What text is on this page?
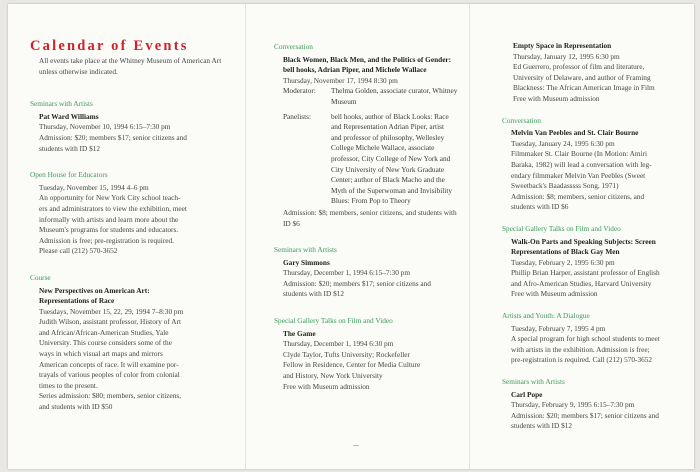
Calendar of Events
All events take place at the Whitney Museum of American Art unless otherwise indicated.
Seminars with Artists
Pat Ward Williams

Thursday, November 10, 1994 6:15–7:30 pm

Admission: $20; members $17; senior citizens and

students with ID $12

Open House for Educators

Tuesday, November 15, 1994 4–6 pm

An opportunity for New York City school teach-

ers and administrators to view the exhibition, meet

informally with artists and learn more about the

Museum's programs for students and educators.

Admission is free; pre-registration is required.

Please call (212) 570-3652

Course
New Perspectives on American Art: Representations of Race

Tuesdays, November 15, 22, 29, 1994 7–8:30 pm

Judith Wilson, assistant professor, History of Art

and African/African-American Studies, Yale

University. This course considers some of the

ways in which visual art maps and mirrors

American concepts of race. It will examine por-

trayals of various peoples of color from colonial

times to the present.

Series admission: $80; members, senior citizens,

and students with ID $50

Conversation
Black Women, Black Men, and the Politics of Gender: bell hooks, Adrian Piper, and Michele Wallace

Thursday, November 17, 1994 8:30 pm

Moderator:	Thelma Golden, associate curator, Whitney Museum
Panelists:	bell hooks, author of Black Looks: Race and Representation Adrian Piper, artist and professor of philosophy, Wellesley College Michele Wallace, associate professor, City College of New York and City University of New York Graduate Center; author of Black Macho and the Myth of the Superwoman and Invisibility Blues: From Pop to Theory

Admission: $8; members, senior citizens, and students with ID $6

Seminars with Artists
Gary Simmons

Thursday, December 1, 1994 6:15–7:30 pm

Admission: $20; members $17; senior citizens and

students with ID $12

Special Gallery Talks on Film and Video
The Game

Thursday, December 1, 1994 6:30 pm

Clyde Taylor, Tufts University; Rockefeller

Fellow in Residence, Center for Media Culture

and History, New York University

Free with Museum admission

Empty Space in Representation

Thursday, January 12, 1995 6:30 pm

Ed Guerrero, professor of film and literature,

University of Delaware, and author of Framing

Blackness: The African American Image in Film

Free with Museum admission

Conversation
Melvin Van Peebles and St. Clair Bourne

Tuesday, January 24, 1995 6:30 pm

Filmmaker St. Clair Bourne (In Motion: Amiri

Baraka, 1982) will lead a conversation with leg-

endary filmmaker Melvin Van Peebles (Sweet

Sweetback's Baadasssss Song, 1971)

Admission: $8; members, senior citizens, and

students with ID $6

Special Gallery Talks on Film and Video
Walk-On Parts and Speaking Subjects: Screen Representations of Black Gay Men

Tuesday, February 2, 1995 6:30 pm

Phillip Brian Harper, assistant professor of English

and Afro-American Studies, Harvard University

Free with Museum admission

Artists and Youth: A Dialogue

Tuesday, February 7, 1995 4 pm

A special program for high school students to meet

with artists in the exhibition. Admission is free;

pre-registration is required. Call (212) 570-3652

Seminars with Artists
Carl Pope

Thursday, February 9, 1995 6:15–7:30 pm

Admission: $20; members $17; senior citizens and

students with ID $12
